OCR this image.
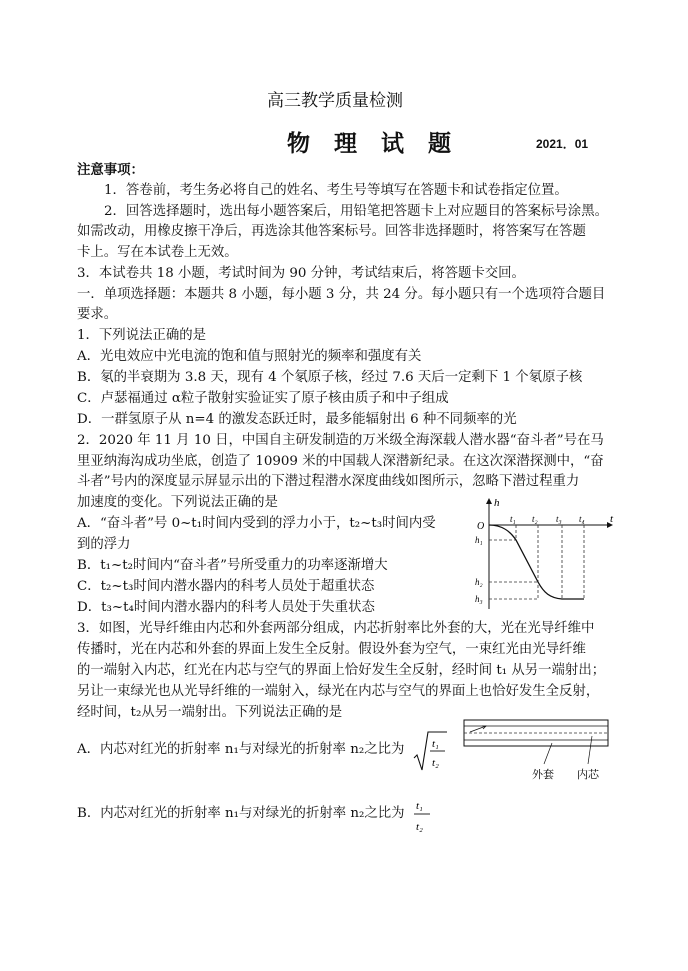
高三教学质量检测
物 理 试 题	2021．01
注意事项：
1．答卷前，考生务必将自己的姓名、考生号等填写在答题卡和试卷指定位置。
2．回答选择题时，选出每小题答案后，用铅笔把答题卡上对应题目的答案标号涂黑。
如需改动，用橡皮擦干净后，再选涂其他答案标号。回答非选择题时，将答案写在答题
卡上。写在本试卷上无效。
3．本试卷共 18 小题，考试时间为 90 分钟，考试结束后，将答题卡交回。
一．单项选择题：本题共 8 小题，每小题 3 分，共 24 分。每小题只有一个选项符合题目
要求。
1．下列说法正确的是
A．光电效应中光电流的饱和值与照射光的频率和强度有关
B．氡的半衰期为 3.8 天，现有 4 个氡原子核，经过 7.6 天后一定剩下 1 个氡原子核
C．卢瑟福通过 α粒子散射实验证实了原子核由质子和中子组成
D．一群氢原子从 n=4 的激发态跃迁时，最多能辐射出 6 种不同频率的光
2．2020 年 11 月 10 日，中国自主研发制造的万米级全海深载人潜水器“奋斗者”号在马
里亚纳海沟成功坐底，创造了 10909 米的中国载人深潜新纪录。在这次深潜探测中，“奋
斗者”号内的深度显示屏显示出的下潜过程潜水深度曲线如图所示，忽略下潜过程重力
加速度的变化。下列说法正确的是
A．“奋斗者”号 0~t₁时间内受到的浮力小于，t₂~t₃时间内受
到的浮力
B．t₁~t₂时间内“奋斗者”号所受重力的功率逐渐增大
C．t₂~t₃时间内潜水器内的科考人员处于超重状态
D．t₃~t₄时间内潜水器内的科考人员处于失重状态
h
t
O
t₁ t₂ t₃ t₄
h₁
h₂
h₃
3．如图，光导纤维由内芯和外套两部分组成，内芯折射率比外套的大，光在光导纤维中
传播时，光在内芯和外套的界面上发生全反射。假设外套为空气，一束红光由光导纤维
的一端射入内芯，红光在内芯与空气的界面上恰好发生全反射，经时间 t₁ 从另一端射出；
另让一束绿光也从光导纤维的一端射入，绿光在内芯与空气的界面上也恰好发生全反射，
经时间，t₂从另一端射出。下列说法正确的是
A．内芯对红光的折射率 n₁与对绿光的折射率 n₂之比为	t₁
t₂
外套 内芯
B．内芯对红光的折射率 n₁与对绿光的折射率 n₂之比为 t₁
t₂
